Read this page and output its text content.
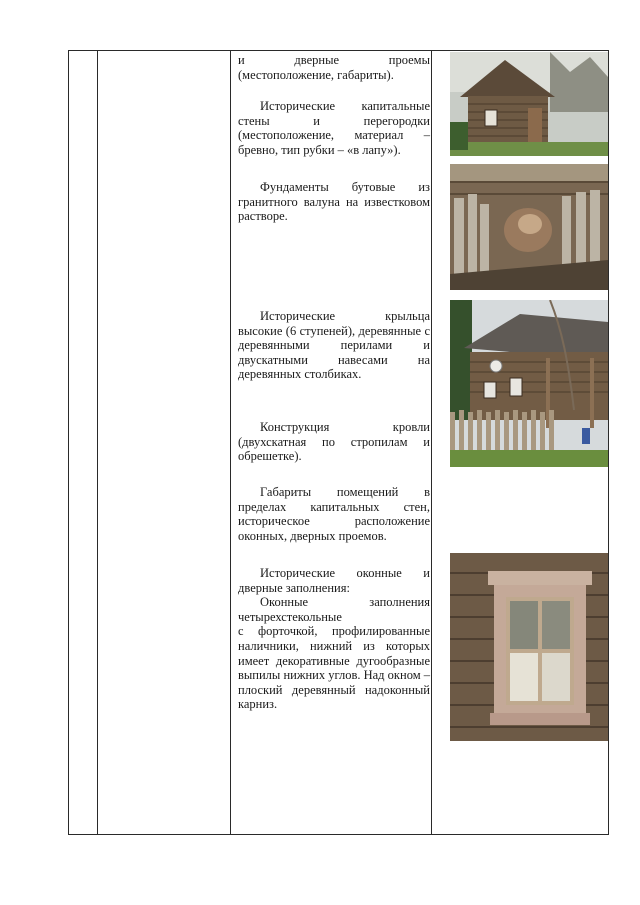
и дверные проемы (местоположение, габариты).

Исторические капитальные стены и перегородки (местоположение, материал – бревно, тип рубки – «в лапу»).

Фундаменты бутовые из гранитного валуна на известковом растворе.

Исторические крыльца высокие (6 ступеней), деревянные с деревянными перилами и двускатными навесами на деревянных столбиках.

Конструкция кровли (двухскатная по стропилам и обрешетке).

Габариты помещений в пределах капитальных стен, историческое расположение оконных, дверных проемов.

Исторические оконные и дверные заполнения:

Оконные заполнения четырехстекольные

с форточкой, профилированные наличники, нижний из которых имеет декоративные дугообразные выпилы нижних углов. Над окном – плоский деревянный надоконный карниз.
